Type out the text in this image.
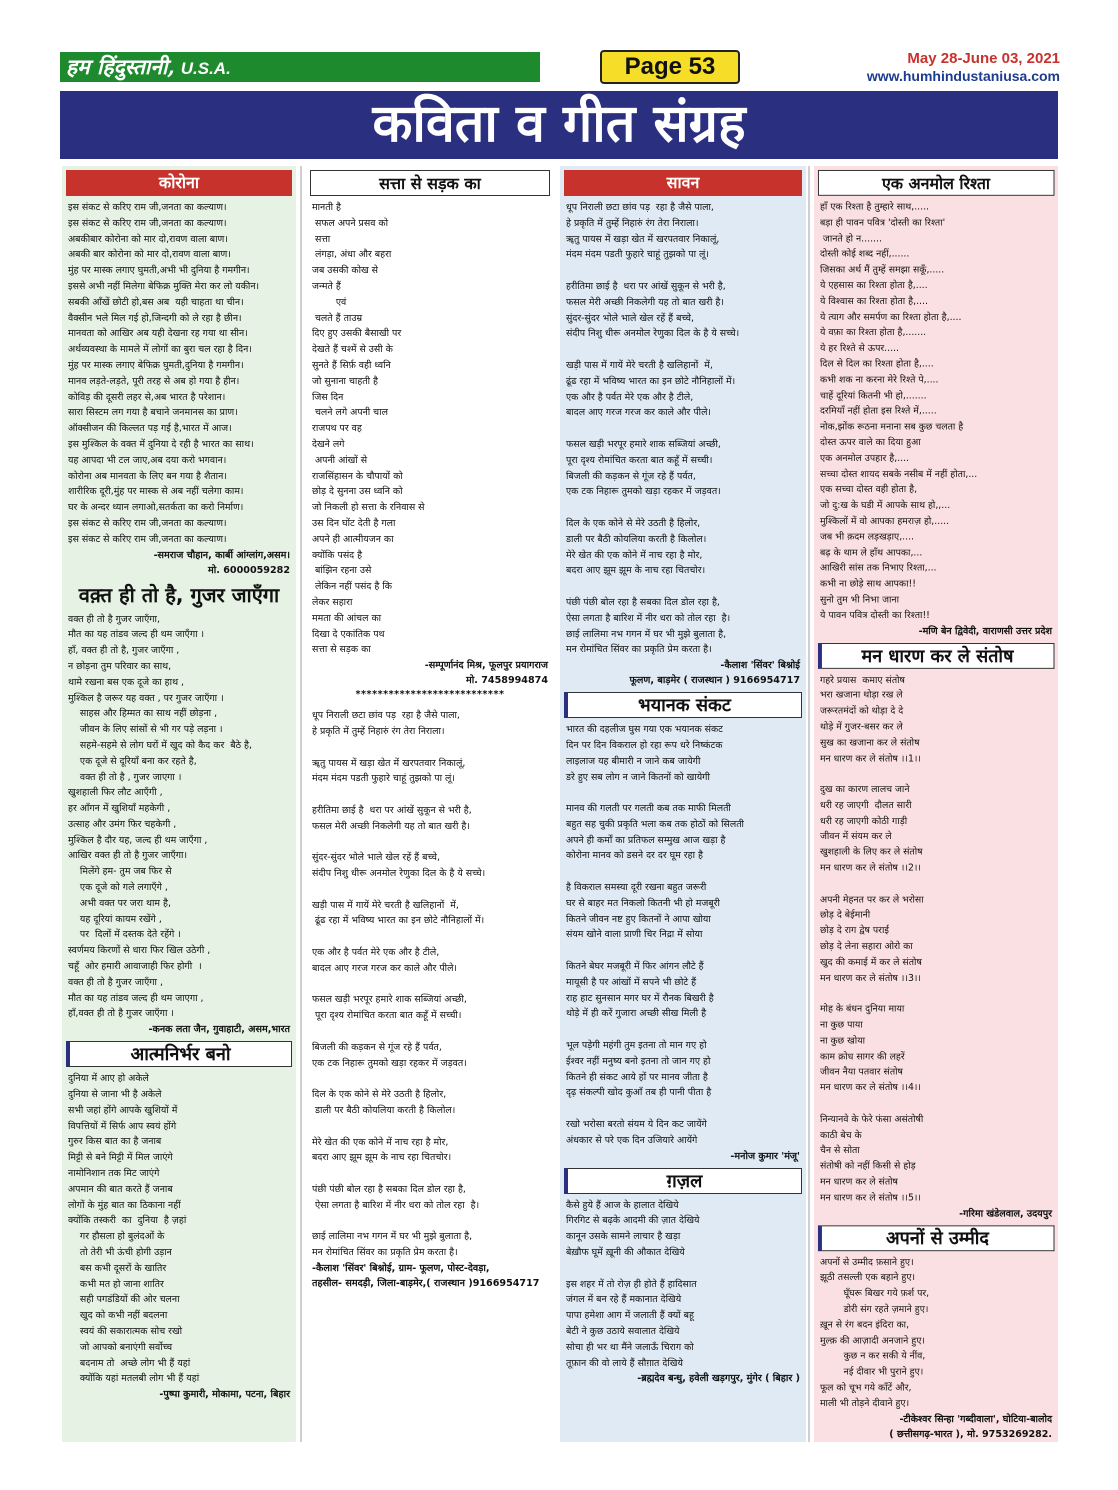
हम हिंदुस्तानी, U.S.A.	Page 53	May 28-June 03, 2021
www.humhindustaniusa.com
कविता व गीत संग्रह
कोरोना
इस संकट से करिए राम जी,जनता का कल्याण।
इस संकट से करिए राम जी,जनता का कल्याण।
अबकीबार कोरोना को मार दो,रावण वाला बाण।
अबकी बार कोरोना को मार दो,रावण वाला बाण।
मुंह पर मास्क लगाए घुमती,अभी भी दुनिया है गमगीन।
इससे अभी नहीं मिलेगा बेफिक्र मुक्ति मेरा कर लो यकीन।
सबकी आँखें छोटी हो,बस अब  यही चाहता था चीन।
वैक्सीन भले मिल गई हो,जिन्दगी को ले रहा है छीन।
मानवता को आखिर अब यही देखना रह गया था सीन।
अर्थव्यवस्था के मामले में लोगों का बुरा चल रहा है दिन।
मुंह पर मास्क लगाए बेफिक्र घुमती,दुनिया है गमगीन।
मानव लड़ते-लड़ते, पूरी तरह से अब हो गया है हीन।
कोविड़ की दूसरी लहर से,अब भारत है परेशान।
सारा सिस्टम लग गया है बचाने जनमानस का प्राण।
ऑक्सीजन की किल्लत पड़ गई है,भारत में आज।
इस मुश्किल के वक्त में दुनिया दे रही है भारत का साथ।
यह आपदा भी टल जाए,अब दया करो भगवान।
कोरोना अब मानवता के लिए बन गया है शैतान।
शारीरिक दूरी,मुंह पर मास्क से अब नहीं चलेगा काम।
घर के अन्दर ध्यान लगाओ,सतर्कता का करो निर्माण।
इस संकट से करिए राम जी,जनता का कल्याण।
इस संकट से करिए राम जी,जनता का कल्याण।
-समराज चौहान, कार्बी आंग्लांग,असम।
मो. 6000059282
वक़्त ही तो है, गुजर जाएँगा
वक्त ही तो है गुजर जाएँगा,
मौत का यह तांडव जल्द ही थम जाएँगा ।
हाँ, वक्त ही तो है, गुजर जाएँगा ,
न छोड़ना तुम परिवार का साथ,
थामे रखना बस एक दूजे का हाथ ,
मुश्किल है जरूर यह वक्त , पर गुजर जाएँगा ।
साहस और हिम्मत का साथ नहीं छोड़ना ,
जीवन के लिए सांसों से भी गर पड़े लड़ना ।
सहमे-सहमे से लोग घरों में खुद को कैद कर  बैठे है,
एक दूजे से दूरियाँ बना कर रहते है,
वक्त ही तो है , गुजर जाएगा ।
खुशहाली फिर लौट आएँगी ,
हर आँगन में खुशियाँ महकेगी ,
उत्साह और उमंग फिर चहकेगी ,
मुश्किल है दौर यह, जल्द ही थम जाएँगा ,
आखिर वक्त ही तो है गुजर जाएँगा।
मिलेंगे हम- तुम जब फिर से
एक दूजे को गले लगाएँगे ,
अभी वक्त पर जरा थाम है,
यह दूरियां कायम रखेंगे ,
पर  दिलों में दस्तक देते रहेंगे ।
स्वर्णमय किरणों से धारा फिर खिल उठेगी ,
चहूँ  ओर हमारी आवाजाही फिर होगी  ।
वक्त ही तो है गुजर जाएँगा ,
मौत का यह तांडव जल्द ही थम जाएगा ,
हाँ,वक्त ही तो है गुजर जाएँगा ।
-कनक लता जैन, गुवाहाटी, असम,भारत
आत्मनिर्भर बनो
दुनिया में आए हो अकेले
दुनिया से जाना भी है अकेले
सभी जहां होंगे आपके खुशियों में
विपत्तियों में सिर्फ आप स्वयं होंगे
गुरुर किस बात का है जनाब
मिट्टी से बने मिट्टी में मिल जाएंगे
नामोनिशान तक मिट जाएंगे
अपमान की बात करते हैं जनाब
लोगों के मुंह बात का ठिकाना नहीं
क्योंकि तस्करी  का  दुनिया  है ज़हां
गर हौसला हो बुलंदओं के
तो तेरी भी ऊंची होगी उड़ान
बस कभी दूसरों के खातिर
कभी मत हो जाना शातिर
सही पगडंडियों की ओर चलना
खुद को कभी नहीं बदलना
स्वयं की सकारात्मक सोच रखो
जो आपको बनाएंगी सर्वोच्च
बदनाम तो  अच्छे लोग भी हैं यहां
क्योंकि यहां मतलबी लोग भी हैं यहां
-पुष्पा कुमारी, मोकामा, पटना, बिहार
सत्ता से सड़क का
मानती है
सफल अपने प्रसव को
सत्ता
लंगड़ा, अंधा और बहरा
जब उसकी कोख से
जन्मते हैं
एवं
चलते हैं ताउम्र
दिए हुए उसकी बैसाखी पर
देखते हैं चश्में से उसी के
सुनते हैं सिर्फ़ वही ध्वनि
जो सुनाना चाहती है
जिस दिन
चलने लगे अपनी चाल
राजपथ पर वह
देखने लगे
अपनी आंखों से
राजसिंहासन के चौपायों को
छोड़ दे सुनना उस ध्वनि को
जो निकली हो सत्ता के रनिवास से
उस दिन घोंट देती है गला
अपने ही आत्मीयजन का
क्योंकि पसंद है
बांझिन रहना उसे
लेकिन नहीं पसंद है कि
लेकर सहारा
ममता की आंचल का
दिखा दे एकांतिक पथ
सत्ता से सड़क का
-सम्पूर्णानंद मिश्र, फूलपुर प्रयागराज
मो. 7458994874
***************************
धूप निराली छटा छांव पड़  रहा है जैसे पाला,
हे प्रकृति में तुम्हें निहारुं रंग तेरा निराला।

ॠतु पायस में खड़ा खेत में खरपतवार निकालूं,
मंदम मंदम पडती फुहारे चाहूं तुझको पा लूं।

हरीतिमा छाई है  धरा पर आंखें सुकून से भरी है,
फसल मेरी अच्छी निकलेगी यह तो बात खरी है।

सुंदर-सुंदर भोले भाले खेल रहें हैं बच्चे,
संदीप निशु धीरू अनमोल रेणुका दिल के है ये सच्चे।

खड़ी पास में गायें मेरे चरती है खलिहानों  में,
ढूंढ रहा में भविष्य भारत का इन छोटे नौनिहालों में।

एक और है पर्वत मेरे एक और है टीले,
बादल आए गरज गरज कर काले और पीले।

फसल खड़ी भरपूर हमारे शाक सब्जियां अच्छी,
पूरा दृश्य रोमांचित करता बात कहूँ में सच्ची।

बिजली की कड़कन से गूंज रहे हैं पर्वत,
एक टक निहारू तुमको खड़ा रहकर में जड़वत।

दिल के एक कोने से मेरे उठती है हिलोर,
डाली पर बैठी कोयलिया करती है किलोल।

मेरे खेत की एक कोने में नाच रहा है मोर,
बदरा आए झूम झूम के नाच रहा चितचोर।

पंछी पंछी बोल रहा है सबका दिल डोल रहा है,
ऐसा लगता है बारिश में नीर धरा को तोल रहा  है।

छाई लालिमा नभ गगन में घर भी मुझे बुलाता है,
मन रोमांचित सिंवर का प्रकृति प्रेम करता है।
-कैलाश 'सिंवर' बिश्नोई, ग्राम- फूलण, पोस्ट-देवड़ा,
तहसील- समदड़ी, जिला-बाड़मेर,( राजस्थान )9166954717
सावन
धूप निराली छटा छांव पड़  रहा है जैसे पाला,
हे प्रकृति में तुम्हें निहारुं रंग तेरा निराला।
ॠतु पायस में खड़ा खेत में खरपतवार निकालूं,
मंदम मंदम पडती फुहारे चाहूं तुझको पा लूं।

हरीतिमा छाई है  धरा पर आंखें सुकून से भरी है,
फसल मेरी अच्छी निकलेगी यह तो बात खरी है।
सुंदर-सुंदर भोले भाले खेल रहें हैं बच्चे,
संदीप निशु धीरू अनमोल रेणुका दिल के है ये सच्चे।

खड़ी पास में गायें मेरे चरती है खलिहानों  में,
ढूंढ रहा में भविष्य भारत का इन छोटे नौनिहालों में।
एक और है पर्वत मेरे एक और है टीले,
बादल आए गरज गरज कर काले और पीले।

फसल खड़ी भरपूर हमारे शाक सब्जियां अच्छी,
पूरा दृश्य रोमांचित करता बात कहूँ में सच्ची।
बिजली की कड़कन से गूंज रहे हैं पर्वत,
एक टक निहारू तुमको खड़ा रहकर में जड़वत।

दिल के एक कोने से मेरे उठती है हिलोर,
डाली पर बैठी कोयलिया करती है किलोल।
मेरे खेत की एक कोने में नाच रहा है मोर,
बदरा आए झूम झूम के नाच रहा चितचोर।

पंछी पंछी बोल रहा है सबका दिल डोल रहा है,
ऐसा लगता है बारिश में नीर धरा को तोल रहा  है।
छाई लालिमा नभ गगन में घर भी मुझे बुलाता है,
मन रोमांचित सिंवर का प्रकृति प्रेम करता है।
-कैलाश 'सिंवर' बिश्नोई
फूलण, बाड़मेर ( राजस्थान ) 9166954717
भयानक संकट
भारत की दहलीज घुस गया एक भयानक संकट
दिन पर दिन विकराल हो रहा रूप धरे निष्कंटक
लाइलाज यह बीमारी न जाने कब जायेगी
डरे हुए सब लोग न जाने कितनों को खायेगी

मानव की गलती पर गलती कब तक माफी मिलती
बहुत सह चुकी प्रकृति भला कब तक होठों को सिलती
अपने ही कर्मों का प्रतिफल सम्मुख आज खड़ा है
कोरोना मानव को डसने दर दर घूम रहा है

है विकराल समस्या दूरी रखना बहुत जरूरी
घर से बाहर मत निकलो कितनी भी हो मजबूरी
कितने जीवन नष्ट हुए कितनों ने आपा खोया
संयम खोने वाला प्राणी चिर निद्रा में सोया

कितने बेघर मजबूरी में फिर आंगन लौटे हैं
मायूसी है पर आंखों में सपने भी छोटे हैं
राह हाट सुनसान मगर घर में रौनक बिखरी है
थोड़े में ही करें गुजारा अच्छी सीख मिली है

भूल पड़ेगी महंगी तुम इतना तो मान गए हो
ईश्वर नहीं मनुष्य बनो इतना तो जान गए हो
कितने ही संकट आये हों पर मानव जीता है
दृढ़ संकल्पी खोद कुआँ तब ही पानी पीता है

रखो भरोसा बरतो संयम ये दिन कट जायेंगे
अंधकार से परे एक दिन उजियारे आयेंगे
-मनोज कुमार 'मंजू'
ग़ज़ल
कैसे हुये हैं आज के हालात देखिये
गिरगिट से बढ़के आदमी की ज़ात देखिये
कानून उसके सामने लाचार है खड़ा
बेख़ौफ घूमें ख़ूनी की औकात देखिये

इस शहर में तो रोज़ ही होते हैं हादिसात
जंगल में बन रहे हैं मकानात देखिये
पापा हमेशा आग में जलाती हैं क्यों बहू
बेटी ने कुछ उठाये सवालात देखिये
सोचा ही भर था मैंने जलाऊँ चिराग को
तूफ़ान की वो लाये हैं सौग़ात देखिये
-ब्रह्मदेव बन्धु, हवेली खड़गपुर, मुंगेर ( बिहार )
एक अनमोल रिश्ता
हाँ एक रिश्ता है तुम्हारे साथ,.....
बड़ा ही पावन पवित्र 'दोस्ती का रिश्ता'
जानते हो न.......
दोस्ती कोई शब्द नहीं,......
जिसका अर्थ मैं तुम्हें समझा सकूँ,.....
ये एहसास का रिश्ता होता है,....
ये विश्वास का रिश्ता होता है,....
ये त्याग और समर्पण का रिश्ता होता है,....
ये वफ़ा का रिश्ता होता है,.......
ये हर रिश्ते से ऊपर.....
दिल से दिल का रिश्ता होता है,....
कभी शक ना करना मेरे रिश्ते पे,....
चाहें दूरियां कितनी भी हो,.......
दरमियाँ नहीं होता इस रिश्ते में,.....
नोक,झोंक रूठना मनाना सब कुछ चलता है
दोस्त ऊपर वाले का दिया हुआ
एक अनमोल उपहार है,....
सच्चा दोस्त शायद सबके नसीब में नहीं होता,...
एक सच्चा दोस्त वही होता है,
जो दु:ख के घडी में आपके साथ हो,,...
मुश्किलों में वो आपका हमराज़ हो,.....
जब भी क़दम लड़खड़ाए,....
बढ़ के थाम ले हाँथ आपका,...
आखिरी सांस तक निभाए रिश्ता,...
कभी ना छोड़े साथ आपका!!
सुनो तुम भी निभा जाना
ये पावन पवित्र दोस्ती का रिश्ता!!
-मणि बेन द्विवेदी, वाराणसी उत्तर प्रदेश
मन धारण कर ले संतोष
गहरे प्रयास  कमाए संतोष
भरा खजाना थोड़ा रख ले
जरूरतमंदों को थोड़ा दे दे
थोड़े में गुजर-बसर कर ले
सुख का खजाना कर ले संतोष
मन धारण कर ले संतोष ।।1।।

दुख का कारण लालच जाने
धरी रह जाएगी  दौलत सारी
धरी रह जाएगी कोठी गाड़ी
जीवन में संयम कर ले
खुशहाली के लिए कर ले संतोष
मन धारण कर ले संतोष ।।2।।

अपनी मेहनत पर कर ले भरोसा
छोड़ दे बेईमानी
छोड़ दे राग द्वेष पराई
छोड़ दे लेना सहारा ओरो का
खुद की कमाई में कर ले संतोष
मन धारण कर ले संतोष ।।3।।

मोह के बंधन दुनिया माया
ना कुछ पाया
ना कुछ खोया
काम क्रोध सागर की लहरें
जीवन नैया पतवार संतोष
मन धारण कर ले संतोष ।।4।।

निन्यानवे के फेरे फंसा असंतोषी
काठी बेच के
चैन से सोता
संतोषी को नहीं किसी से होड़
मन धारण कर ले संतोष
मन धारण कर ले संतोष ।।5।।
-गरिमा खंडेलवाल, उदयपुर
अपनों से उम्मीद
अपनों से उम्मीद फ़साने हुए।
झूठी तसल्ली एक बहाने हुए।
घूँघरू बिखर गये फ़र्श पर,
डोरी संग रहते ज़माने हुए।
ख़ून से रंग बदन इंदिरा का,
मुल्क़ की आज़ादी अनजाने हुए।
कुछ न कर सकी ये नींव,
नई दीवार भी पुराने हुए।
फूल को चूभ गये काँटें और,
माली भी तोड़ने दीवाने हुए।
-टीकेश्वर सिन्हा 'गब्दीवाला', घोटिया-बालोद
( छत्तीसगढ़-भारत ), मो. 9753269282.
